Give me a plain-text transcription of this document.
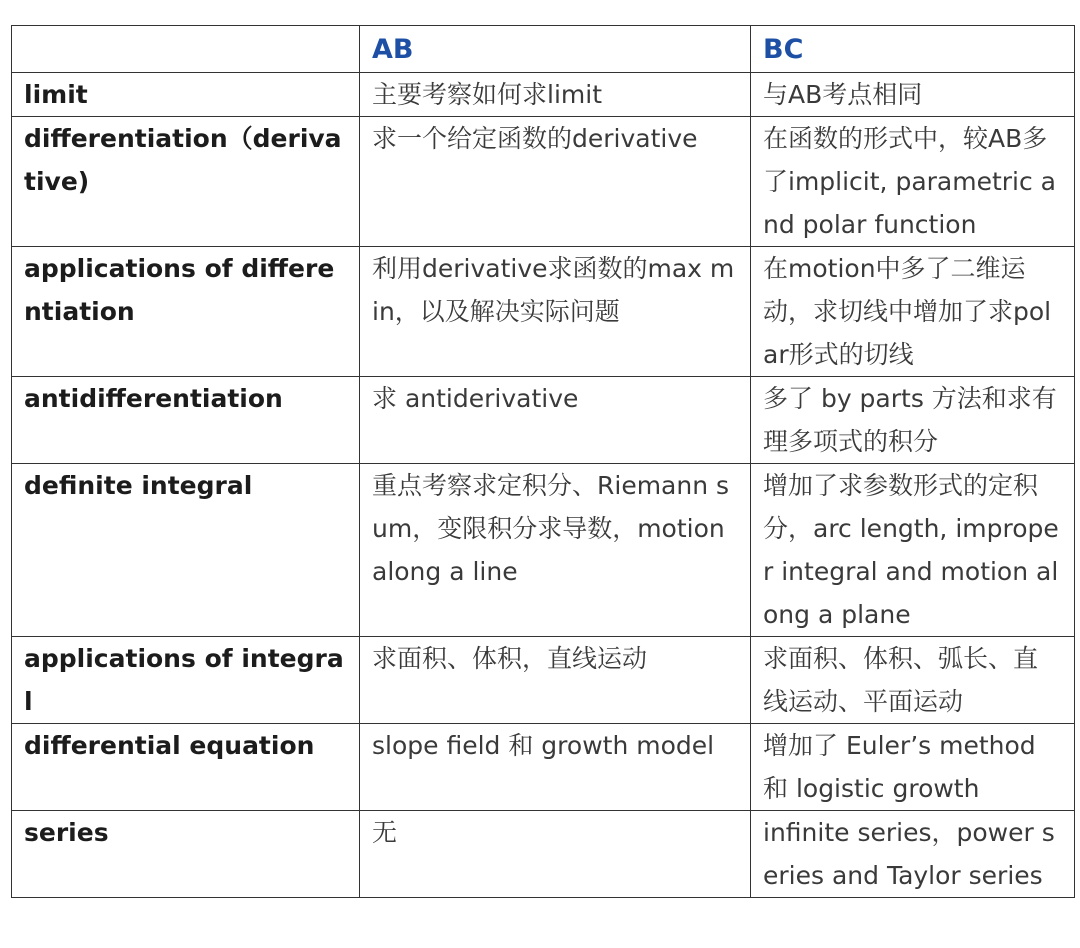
	AB	BC
limit	主要考察如何求limit	与AB考点相同
differentiation（derivative)	求一个给定函数的derivative	在函数的形式中，较AB多了implicit, parametric and polar function
applications of differentiation	利用derivative求函数的max min，以及解决实际问题	在motion中多了二维运动，求切线中增加了求polar形式的切线
antidifferentiation	求 antiderivative	多了 by parts 方法和求有理多项式的积分
definite integral	重点考察求定积分、Riemann sum，变限积分求导数，motion along a line	增加了求参数形式的定积分，arc length, improper integral and motion along a plane
applications of integral	求面积、体积，直线运动	求面积、体积、弧长、直线运动、平面运动
differential equation	slope field 和 growth model	增加了 Euler’s method 和 logistic growth
series	无	infinite series，power series and Taylor series
